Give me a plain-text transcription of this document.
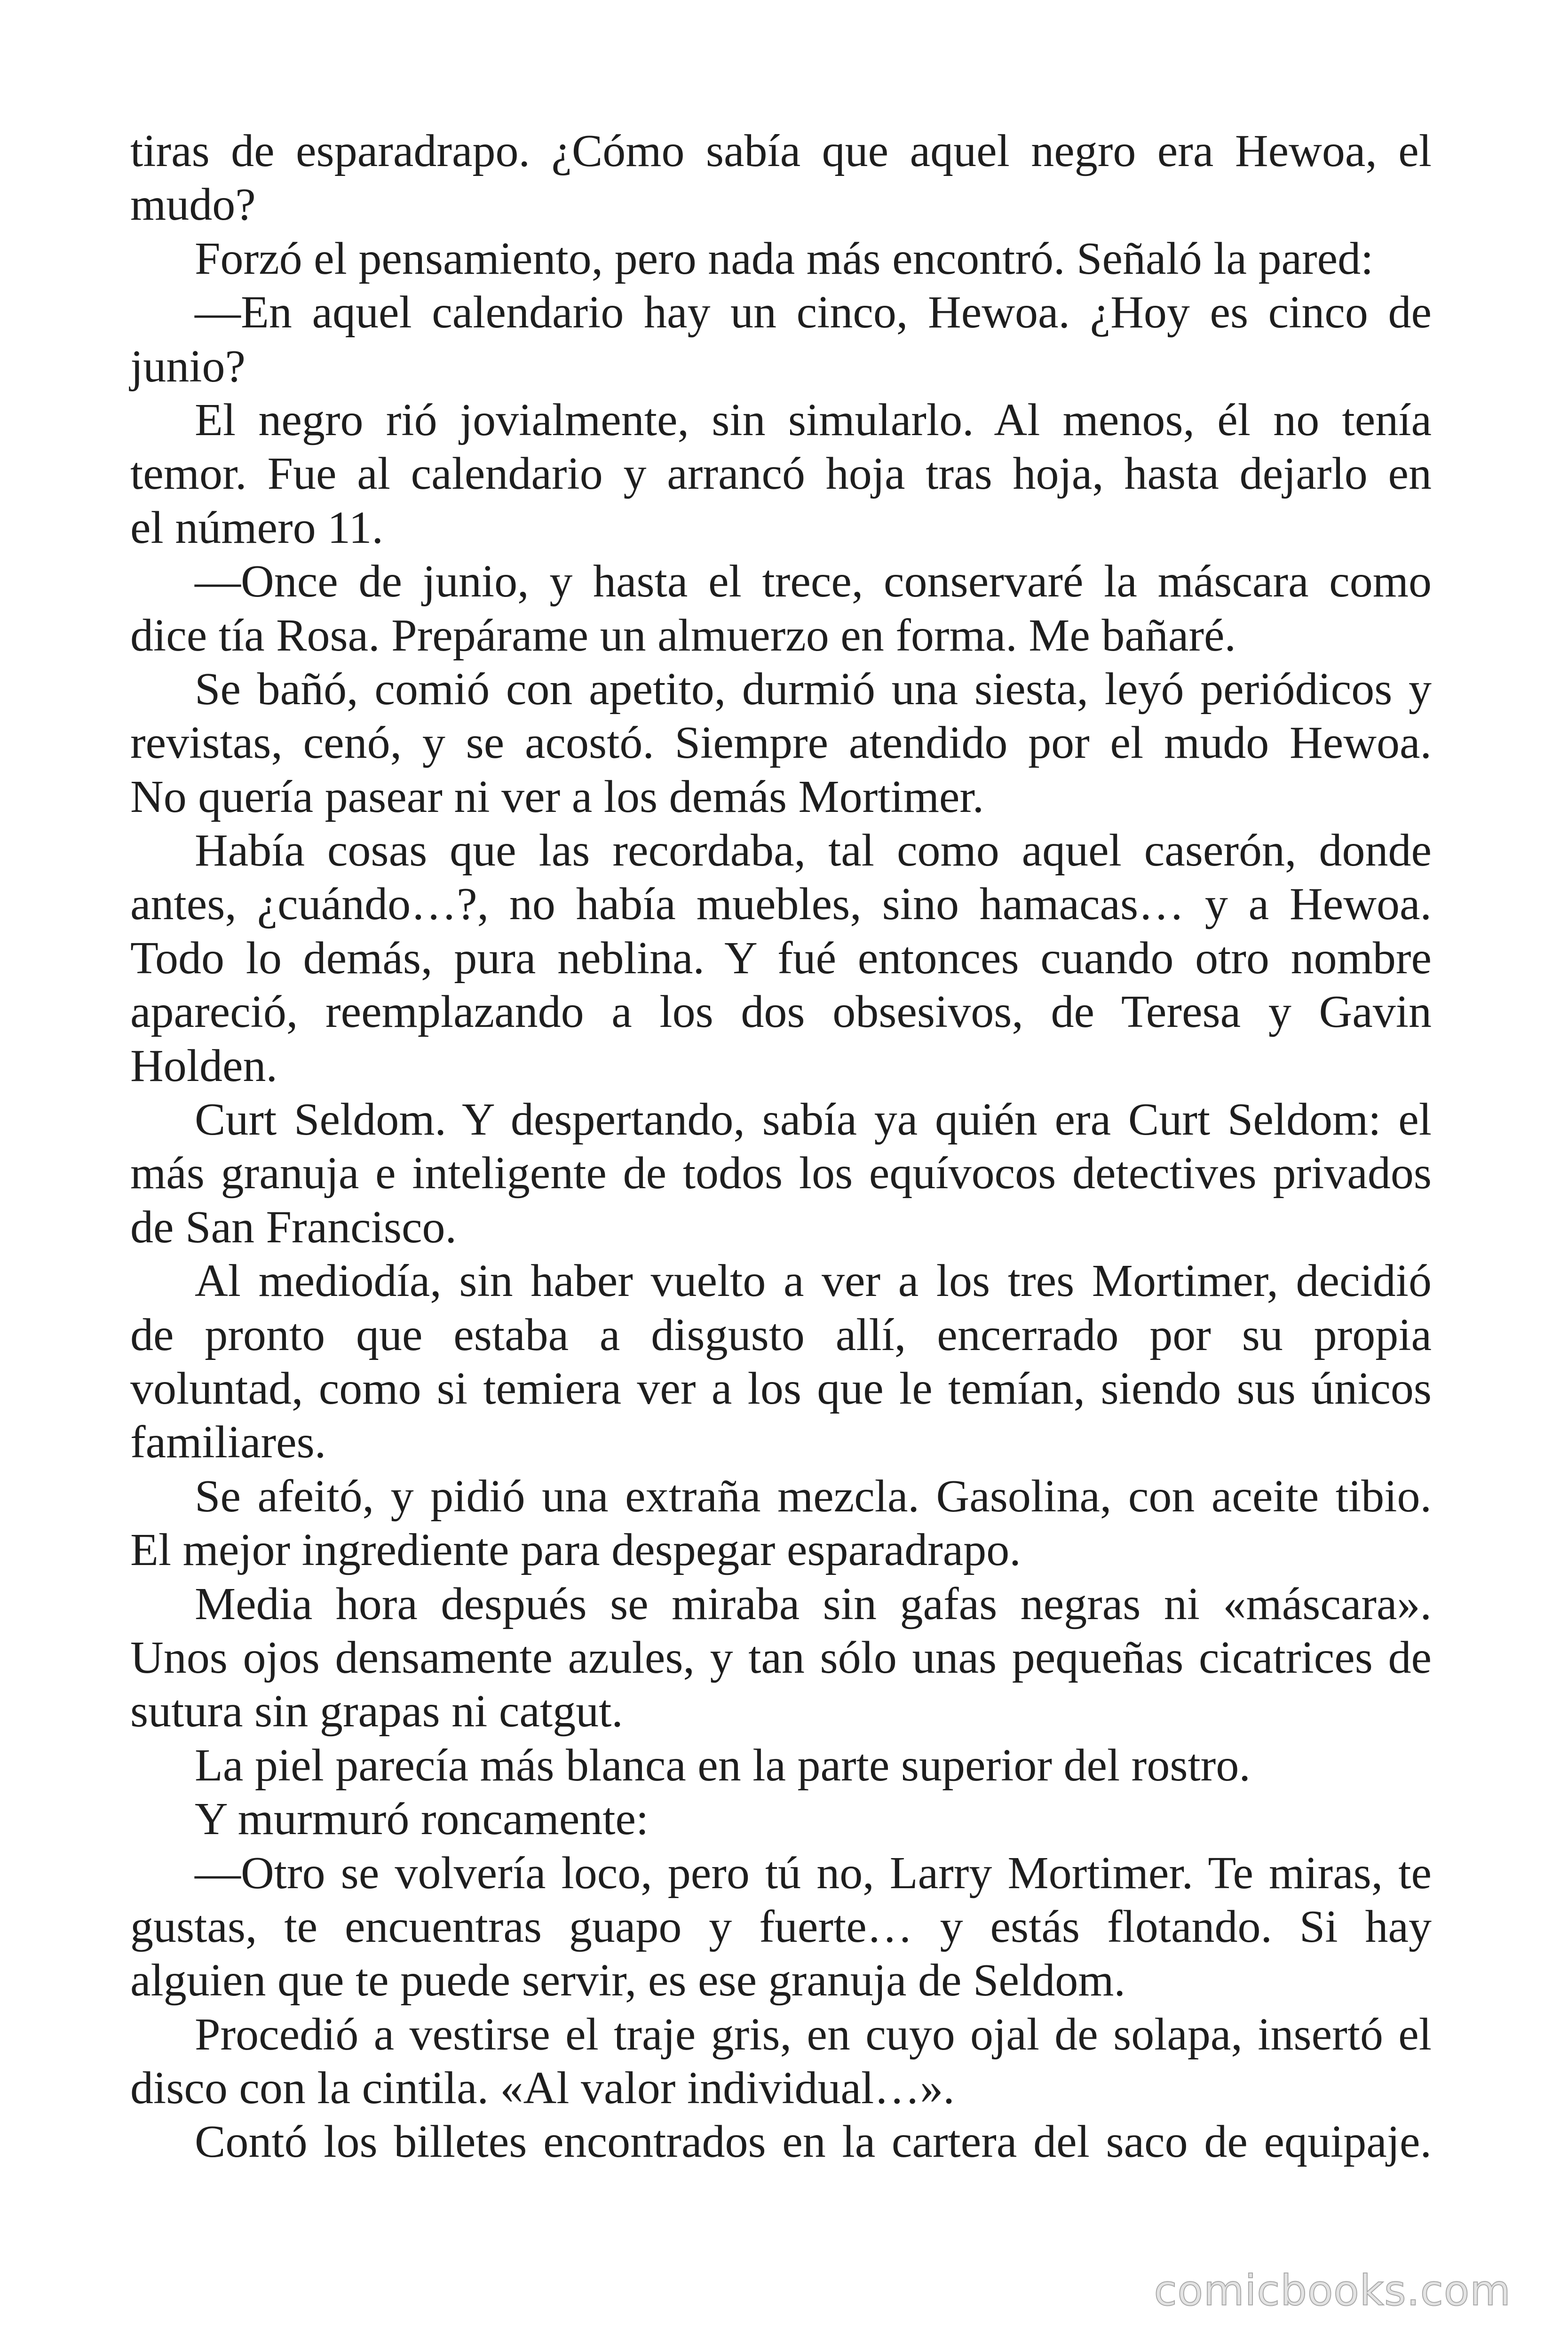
tiras de esparadrapo. ¿Cómo sabía que aquel negro era Hewoa, el
mudo?
Forzó el pensamiento, pero nada más encontró. Señaló la pared:
—En aquel calendario hay un cinco, Hewoa. ¿Hoy es cinco de
junio?
El negro rió jovialmente, sin simularlo. Al menos, él no tenía
temor. Fue al calendario y arrancó hoja tras hoja, hasta dejarlo en
el número 11.
—Once de junio, y hasta el trece, conservaré la máscara como
dice tía Rosa. Prepárame un almuerzo en forma. Me bañaré.
Se bañó, comió con apetito, durmió una siesta, leyó periódicos y
revistas, cenó, y se acostó. Siempre atendido por el mudo Hewoa.
No quería pasear ni ver a los demás Mortimer.
Había cosas que las recordaba, tal como aquel caserón, donde
antes, ¿cuándo…?, no había muebles, sino hamacas… y a Hewoa.
Todo lo demás, pura neblina. Y fué entonces cuando otro nombre
apareció, reemplazando a los dos obsesivos, de Teresa y Gavin
Holden.
Curt Seldom. Y despertando, sabía ya quién era Curt Seldom: el
más granuja e inteligente de todos los equívocos detectives privados
de San Francisco.
Al mediodía, sin haber vuelto a ver a los tres Mortimer, decidió
de pronto que estaba a disgusto allí, encerrado por su propia
voluntad, como si temiera ver a los que le temían, siendo sus únicos
familiares.
Se afeitó, y pidió una extraña mezcla. Gasolina, con aceite tibio.
El mejor ingrediente para despegar esparadrapo.
Media hora después se miraba sin gafas negras ni «máscara».
Unos ojos densamente azules, y tan sólo unas pequeñas cicatrices de
sutura sin grapas ni catgut.
La piel parecía más blanca en la parte superior del rostro.
Y murmuró roncamente:
—Otro se volvería loco, pero tú no, Larry Mortimer. Te miras, te
gustas, te encuentras guapo y fuerte… y estás flotando. Si hay
alguien que te puede servir, es ese granuja de Seldom.
Procedió a vestirse el traje gris, en cuyo ojal de solapa, insertó el
disco con la cintila. «Al valor individual…».
Contó los billetes encontrados en la cartera del saco de equipaje.
comicbooks.com
